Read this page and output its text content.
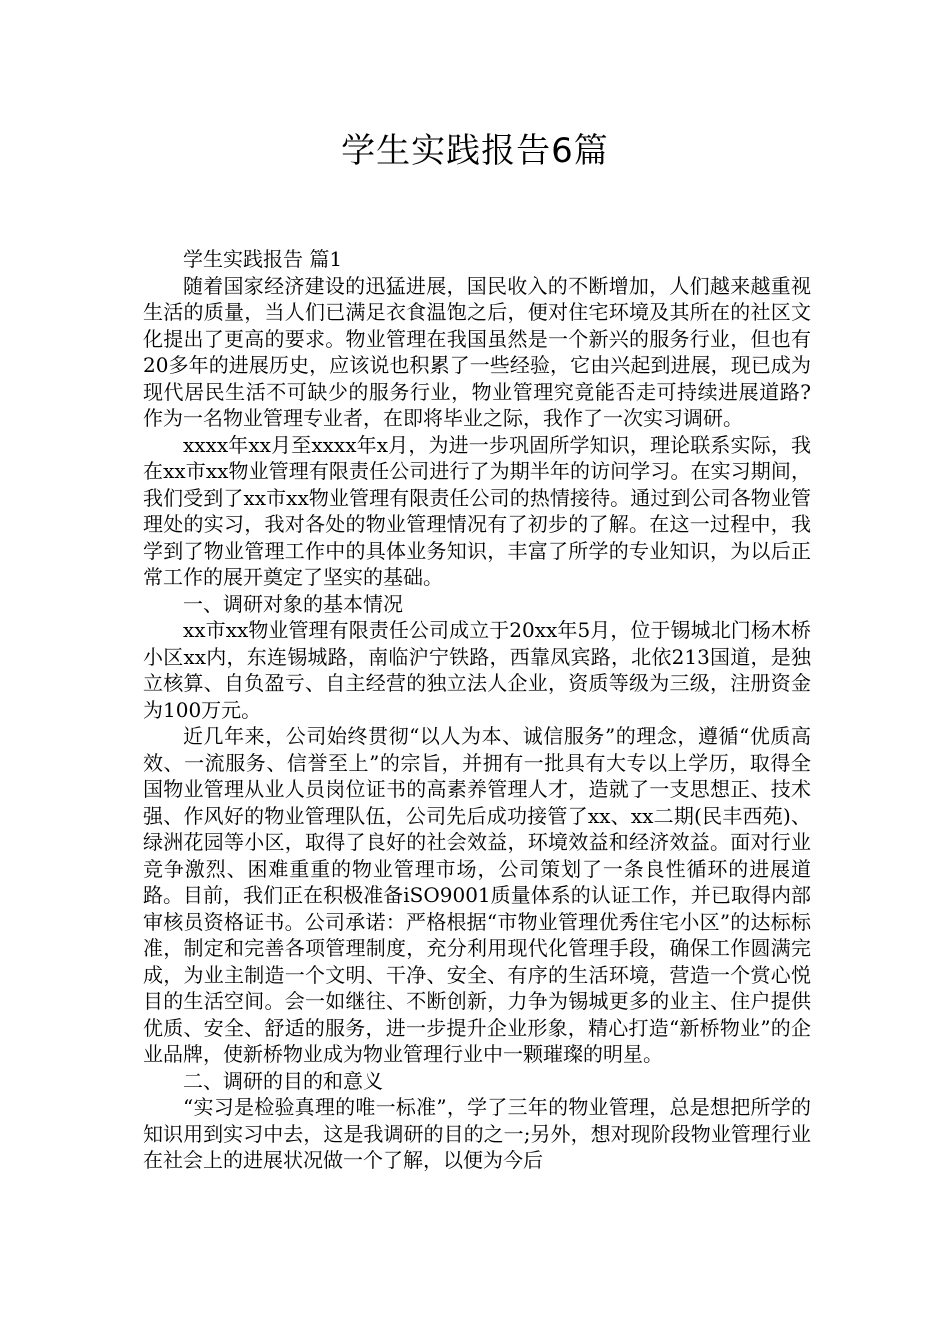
学生实践报告6篇

学生实践报告 篇1

随着国家经济建设的迅猛进展，国民收入的不断增加，人们越来越重视生活的质量，当人们已满足衣食温饱之后，便对住宅环境及其所在的社区文化提出了更高的要求。物业管理在我国虽然是一个新兴的服务行业，但也有20多年的进展历史，应该说也积累了一些经验，它由兴起到进展，现已成为现代居民生活不可缺少的服务行业，物业管理究竟能否走可持续进展道路?作为一名物业管理专业者，在即将毕业之际，我作了一次实习调研。

xxxx年xx月至xxxx年x月，为进一步巩固所学知识，理论联系实际，我在xx市xx物业管理有限责任公司进行了为期半年的访问学习。在实习期间，我们受到了xx市xx物业管理有限责任公司的热情接待。通过到公司各物业管理处的实习，我对各处的物业管理情况有了初步的了解。在这一过程中，我学到了物业管理工作中的具体业务知识，丰富了所学的专业知识，为以后正常工作的展开奠定了坚实的基础。

一、调研对象的基本情况

xx市xx物业管理有限责任公司成立于20xx年5月，位于锡城北门杨木桥小区xx内，东连锡城路，南临沪宁铁路，西靠凤宾路，北依213国道，是独立核算、自负盈亏、自主经营的独立法人企业，资质等级为三级，注册资金为100万元。

近几年来，公司始终贯彻“以人为本、诚信服务”的理念，遵循“优质高效、一流服务、信誉至上”的宗旨，并拥有一批具有大专以上学历，取得全国物业管理从业人员岗位证书的高素养管理人才，造就了一支思想正、技术强、作风好的物业管理队伍，公司先后成功接管了xx、xx二期(民丰西苑)、绿洲花园等小区，取得了良好的社会效益，环境效益和经济效益。面对行业竞争激烈、困难重重的物业管理市场，公司策划了一条良性循环的进展道路。目前，我们正在积极准备iSO9001质量体系的认证工作，并已取得内部审核员资格证书。公司承诺：严格根据“市物业管理优秀住宅小区”的达标标准，制定和完善各项管理制度，充分利用现代化管理手段，确保工作圆满完成，为业主制造一个文明、干净、安全、有序的生活环境，营造一个赏心悦目的生活空间。会一如继往、不断创新，力争为锡城更多的业主、住户提供优质、安全、舒适的服务，进一步提升企业形象，精心打造“新桥物业”的企业品牌，使新桥物业成为物业管理行业中一颗璀璨的明星。

二、调研的目的和意义

“实习是检验真理的唯一标准”，学了三年的物业管理，总是想把所学的知识用到实习中去，这是我调研的目的之一;另外，想对现阶段物业管理行业在社会上的进展状况做一个了解，以便为今后
